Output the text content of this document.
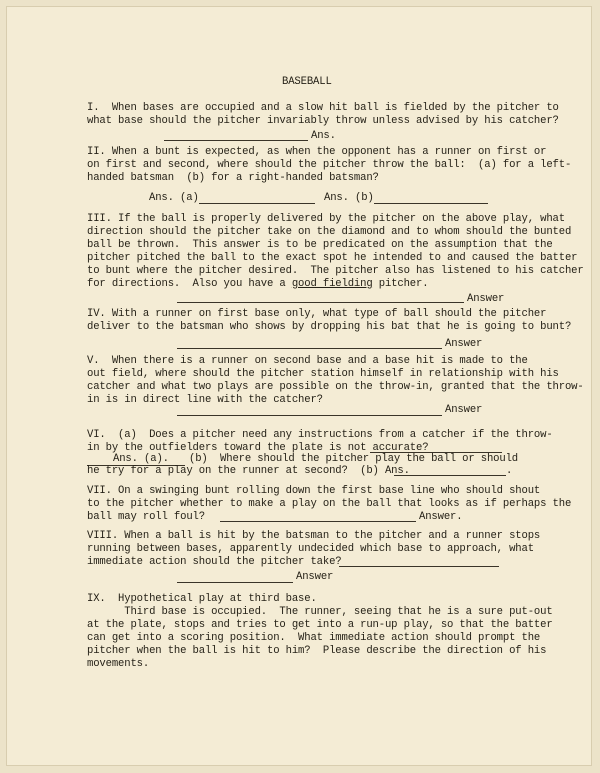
BASEBALL
I.  When bases are occupied and a slow hit ball is fielded by the pitcher to
what base should the pitcher invariably throw unless advised by his catcher?
Ans.
II. When a bunt is expected, as when the opponent has a runner on first or
on first and second, where should the pitcher throw the ball:  (a) for a left-
handed batsman  (b) for a right-handed batsman?
Ans. (a)	Ans. (b)
III. If the ball is properly delivered by the pitcher on the above play, what
direction should the pitcher take on the diamond and to whom should the bunted
ball be thrown.  This answer is to be predicated on the assumption that the
pitcher pitched the ball to the exact spot he intended to and caused the batter
to bunt where the pitcher desired.  The pitcher also has listened to his catcher
for directions.  Also you have a good fielding pitcher.
Answer
IV. With a runner on first base only, what type of ball should the pitcher
deliver to the batsman who shows by dropping his bat that he is going to bunt?
Answer
V.  When there is a runner on second base and a base hit is made to the
out field, where should the pitcher station himself in relationship with his
catcher and what two plays are possible on the throw-in, granted that the throw-
in is in direct line with the catcher?
Answer
VI.  (a)  Does a pitcher need any instructions from a catcher if the throw-
in by the outfielders toward the plate is not accurate?
Ans. (a). (b)  Where should the pitcher play the ball or should
he try for a play on the runner at second?  (b) Ans.	.
VII. On a swinging bunt rolling down the first base line who should shout
to the pitcher whether to make a play on the ball that looks as if perhaps the
ball may roll foul?	Answer.
VIII. When a ball is hit by the batsman to the pitcher and a runner stops
running between bases, apparently undecided which base to approach, what
immediate action should the pitcher take?
Answer
IX.  Hypothetical play at third base.
Third base is occupied.  The runner, seeing that he is a sure put-out
at the plate, stops and tries to get into a run-up play, so that the batter
can get into a scoring position.  What immediate action should prompt the
pitcher when the ball is hit to him?  Please describe the direction of his
movements.
